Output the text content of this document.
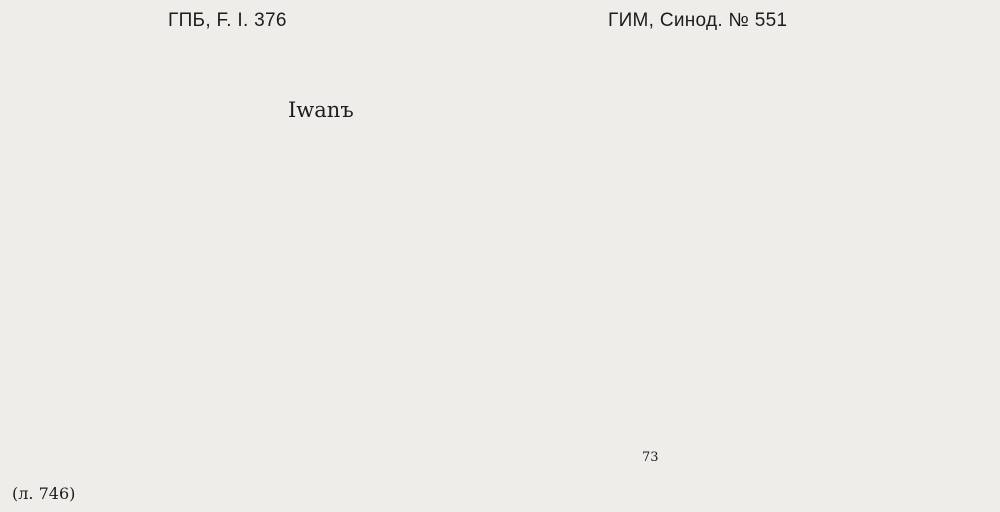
ГПБ, F. I. 376	ГИМ, Синод. № 551
Iwanъ
(л. 746)
73
